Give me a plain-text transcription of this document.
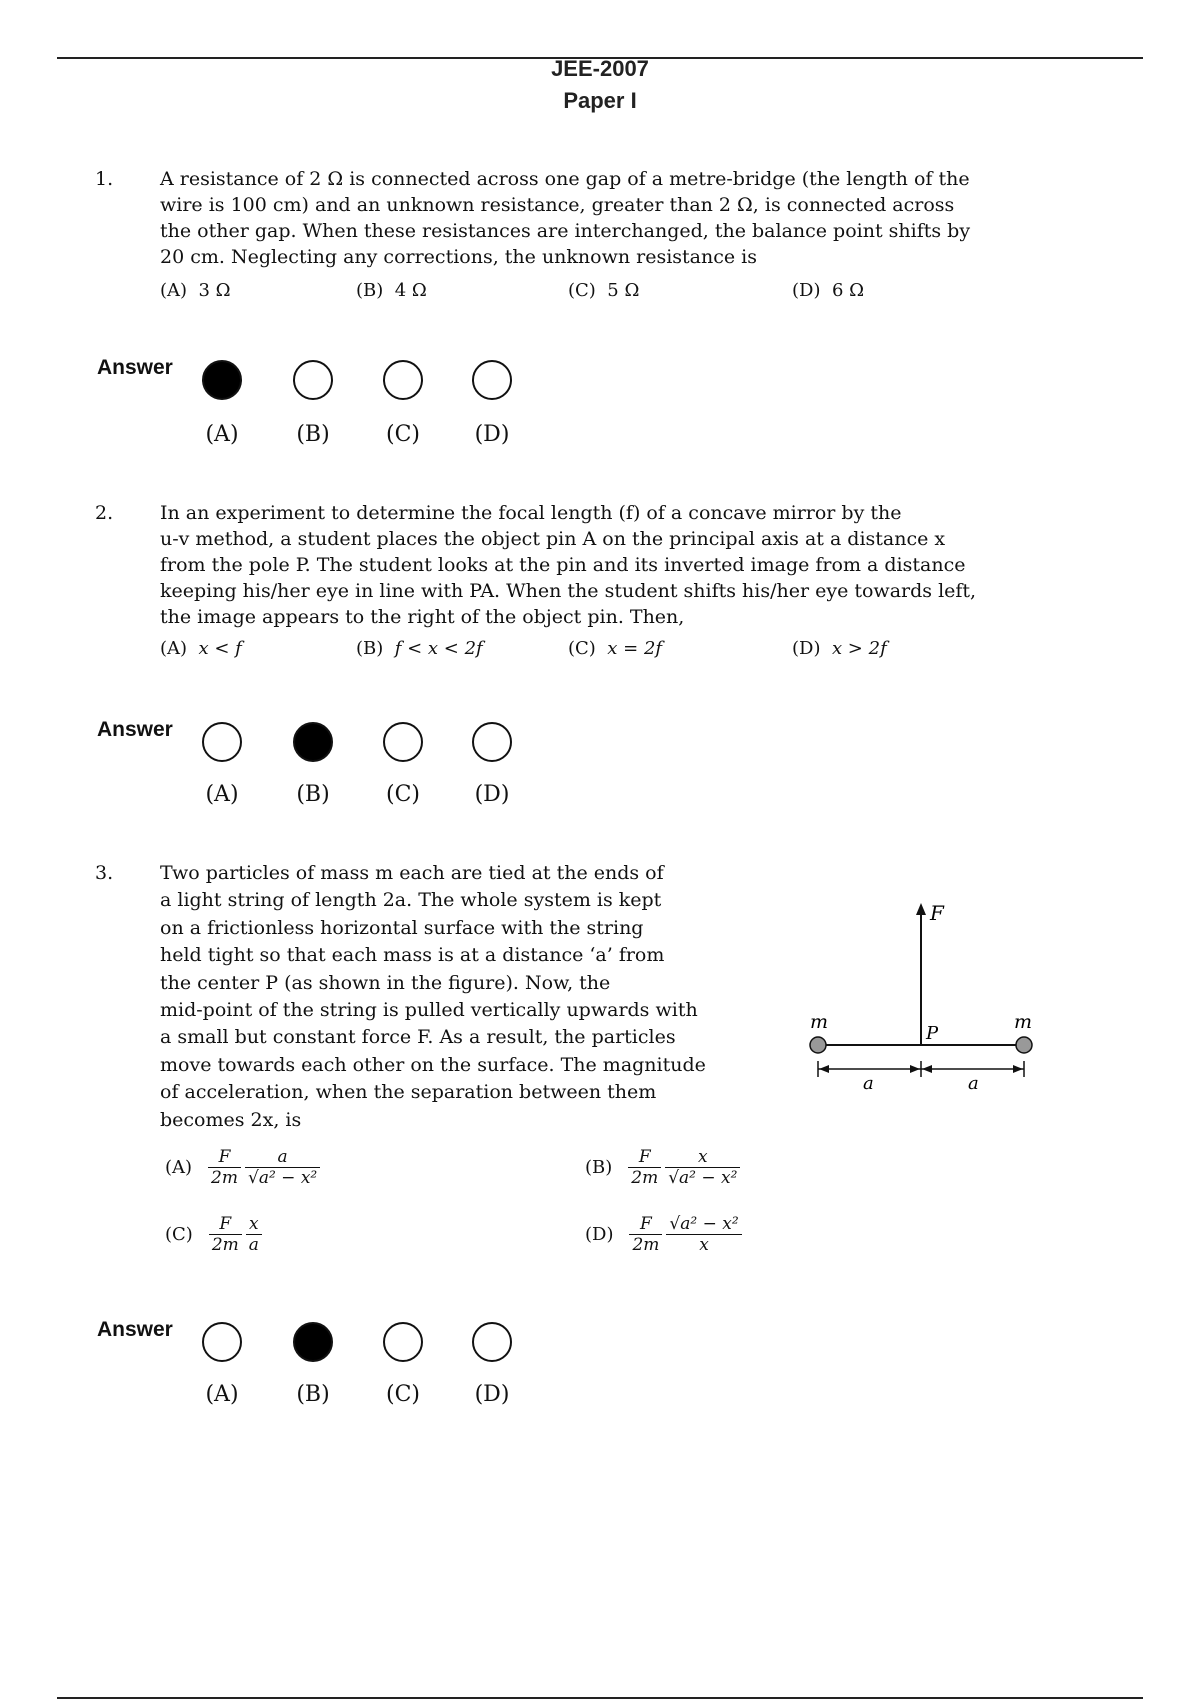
JEE-2007
Paper I
1. A resistance of 2 Ω is connected across one gap of a metre-bridge (the length of the
wire is 100 cm) and an unknown resistance, greater than 2 Ω, is connected across
the other gap. When these resistances are interchanged, the balance point shifts by
20 cm. Neglecting any corrections, the unknown resistance is
(A) 3 Ω	(B) 4 Ω	(C) 5 Ω	(D) 6 Ω
Answer
(A)	(B)	(C)	(D)
2. In an experiment to determine the focal length (f) of a concave mirror by the
u-v method, a student places the object pin A on the principal axis at a distance x
from the pole P. The student looks at the pin and its inverted image from a distance
keeping his/her eye in line with PA. When the student shifts his/her eye towards left,
the image appears to the right of the object pin. Then,
(A) x < f	(B) f < x < 2f	(C) x = 2f	(D) x > 2f
Answer
(A)	(B)	(C)	(D)
3. Two particles of mass m each are tied at the ends of
a light string of length 2a. The whole system is kept
on a frictionless horizontal surface with the string
held tight so that each mass is at a distance ‘a’ from
the center P (as shown in the figure). Now, the
mid-point of the string is pulled vertically upwards with
a small but constant force F. As a result, the particles
move towards each other on the surface. The magnitude
of acceleration, when the separation between them
becomes 2x, is
F
m	m
P
a	a
$(A) \frac{F}{2m} \frac{a}{\text{√a² − x²}}$	$(B) \frac{F}{2m} \frac{x}{\text{√a² − x²}}$
$(C) \frac{F}{2m} \frac{x}{a}$	$(D) \frac{F}{2m} \frac{\text{√a² − x²}}{x}$
Answer
(A)	(B)	(C)	(D)
